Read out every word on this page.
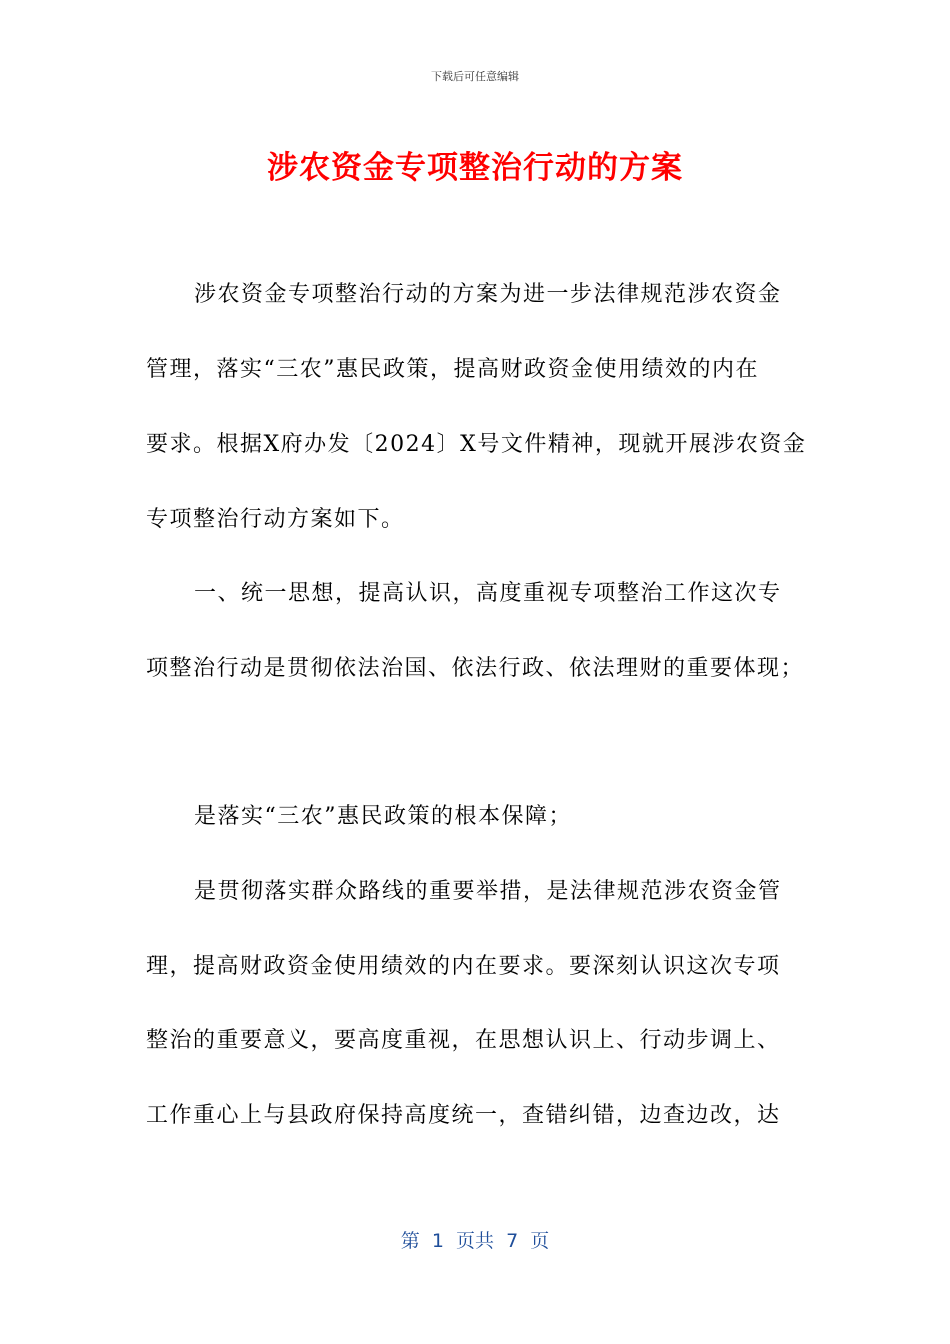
下载后可任意编辑
涉农资金专项整治行动的方案
涉农资金专项整治行动的方案为进一步法律规范涉农资金
管理，落实“三农”惠民政策，提高财政资金使用绩效的内在
要求。根据X府办发〔2024〕X号文件精神，现就开展涉农资金
专项整治行动方案如下。
一、统一思想，提高认识，高度重视专项整治工作这次专
项整治行动是贯彻依法治国、依法行政、依法理财的重要体现；
是落实“三农”惠民政策的根本保障；
是贯彻落实群众路线的重要举措，是法律规范涉农资金管
理，提高财政资金使用绩效的内在要求。要深刻认识这次专项
整治的重要意义，要高度重视，在思想认识上、行动步调上、
工作重心上与县政府保持高度统一，查错纠错，边查边改，达
第  1  页共  7  页
